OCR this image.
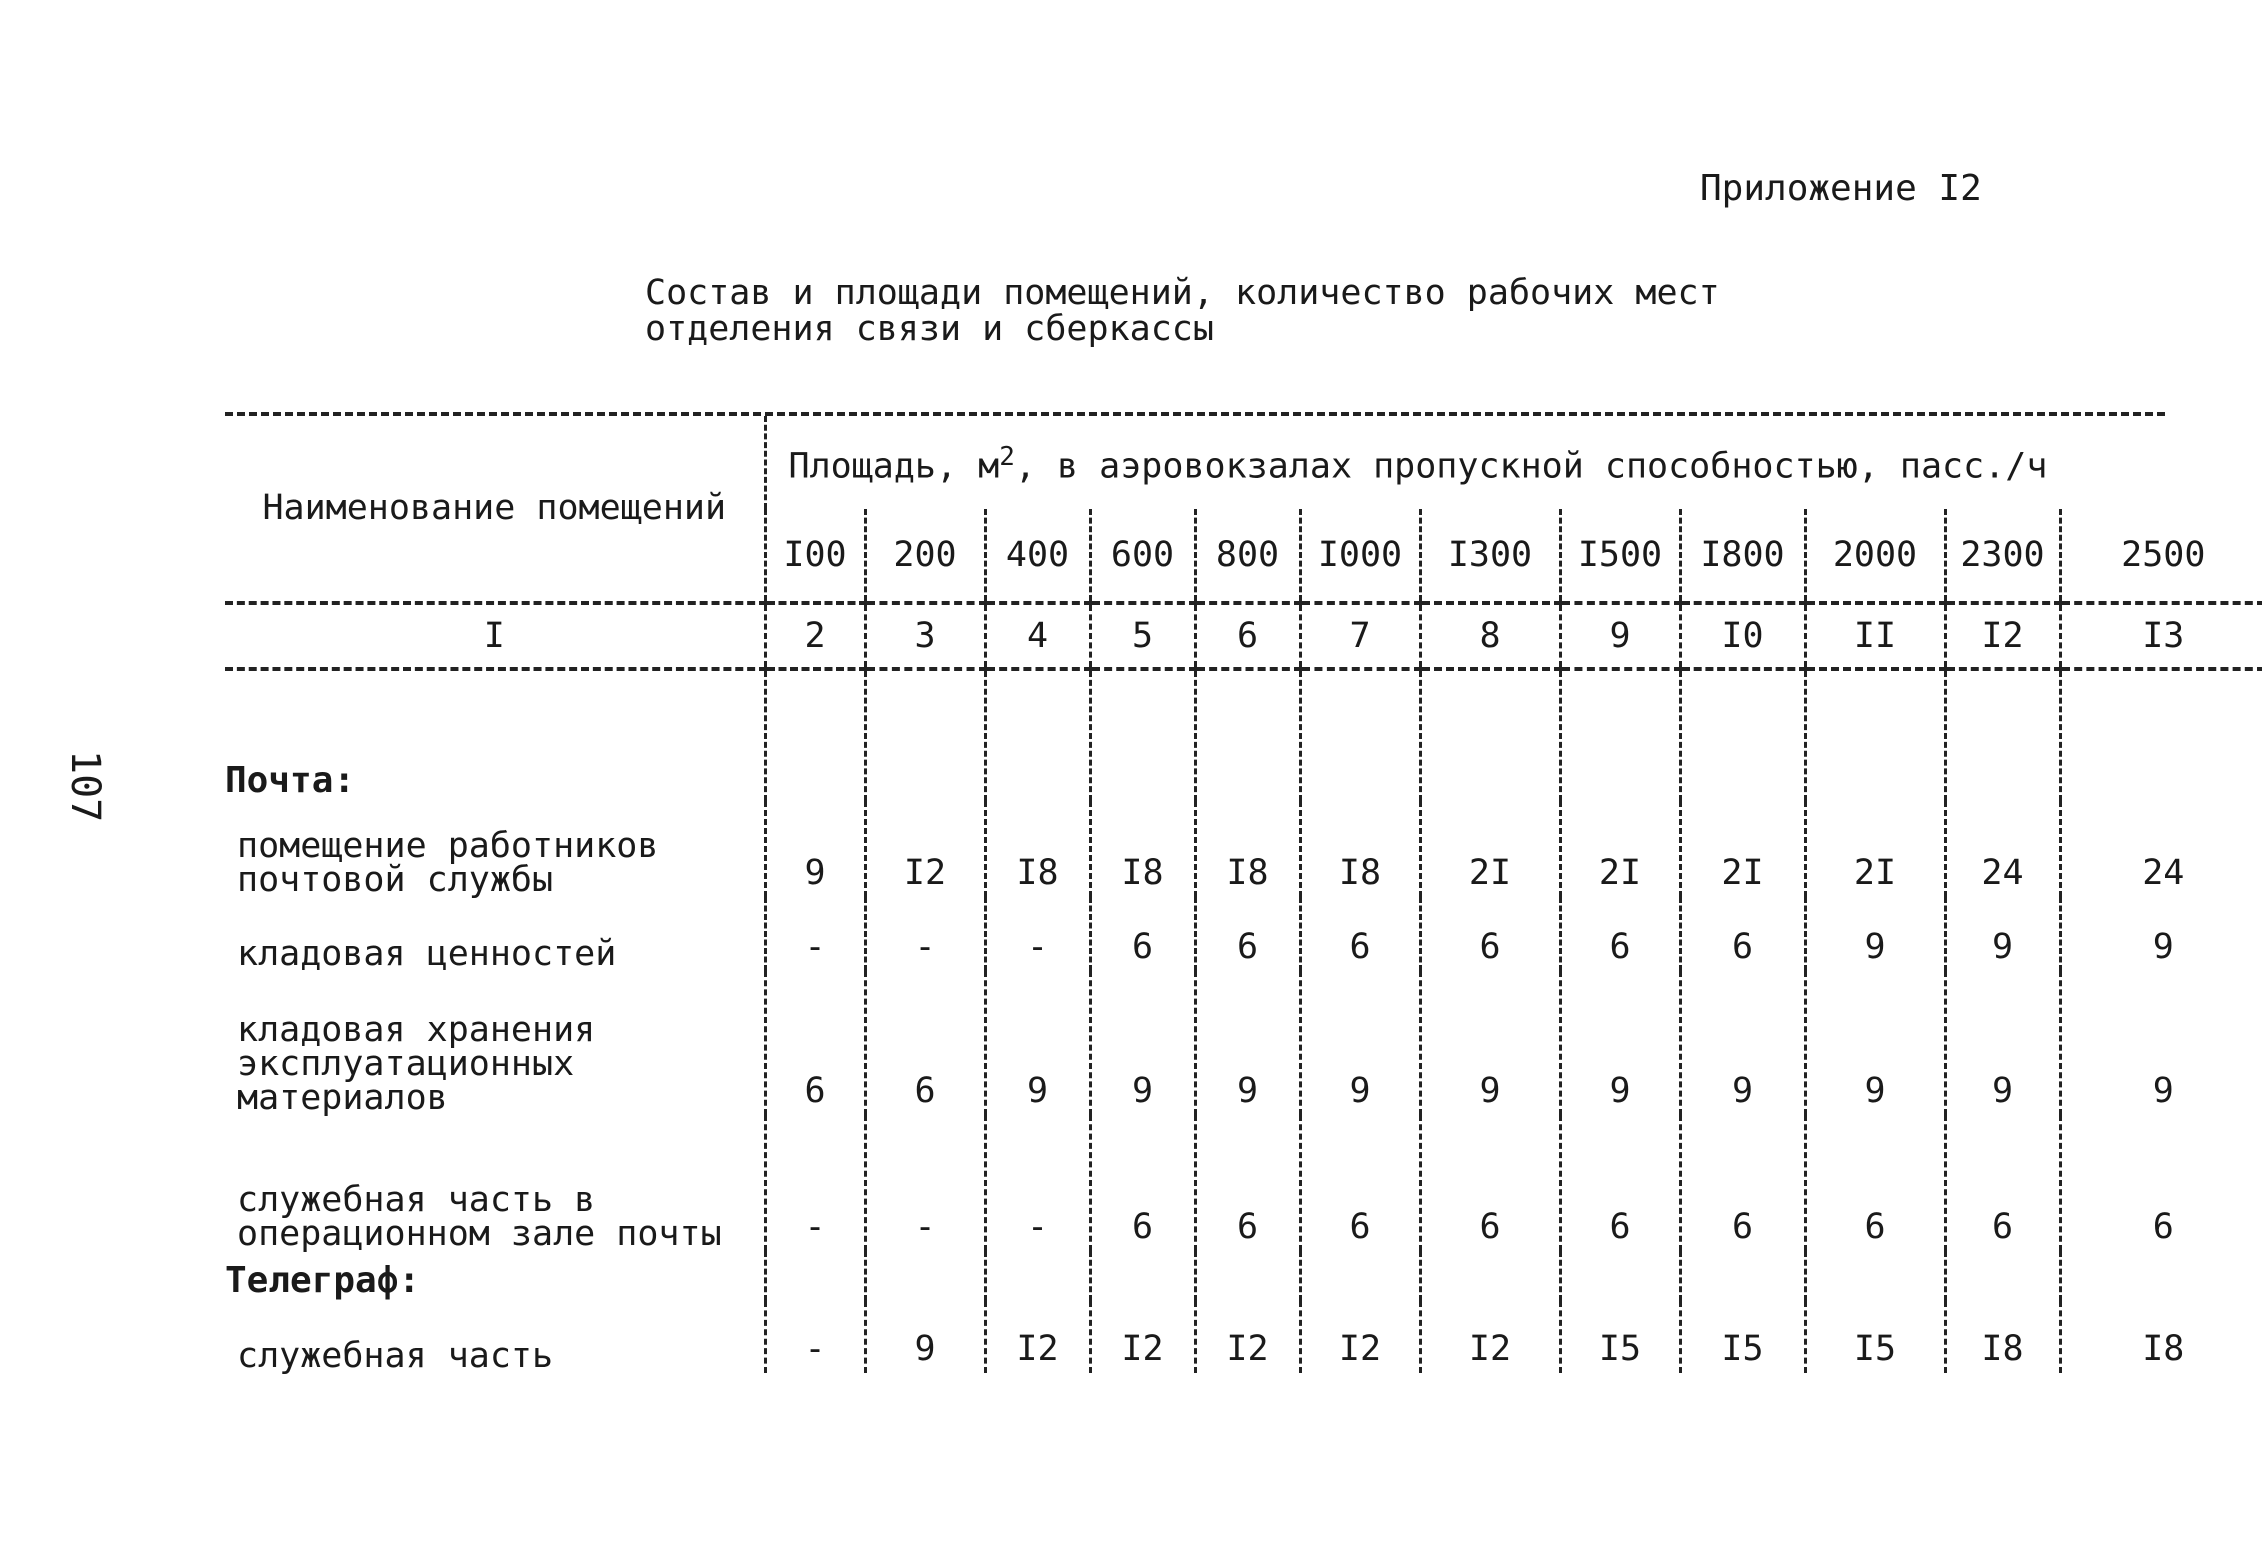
107
Приложение I2
Состав и площади помещений, количество рабочих мест
отделения связи и сберкассы
Наименование помещений	Площадь, $м^2$, в аэровокзалах пропускной способностью, пасс./ч											
	I00	200	400	600	800	I000	I300	I500	I800	2000	2300	2500
I	2	3	4	5	6	7	8	9	I0	II	I2	I3
Почта:												
помещение работников почтовой службы	9	I2	I8	I8	I8	I8	2I	2I	2I	2I	24	24
кладовая ценностей	-	-	-	6	6	6	6	6	6	9	9	9
кладовая хранения эксплуатационных материалов	6	6	9	9	9	9	9	9	9	9	9	9
служебная часть в операционном зале почты	-	-	-	6	6	6	6	6	6	6	6	6
Телеграф:												
служебная часть	-	9	I2	I2	I2	I2	I2	I5	I5	I5	I8	I8
